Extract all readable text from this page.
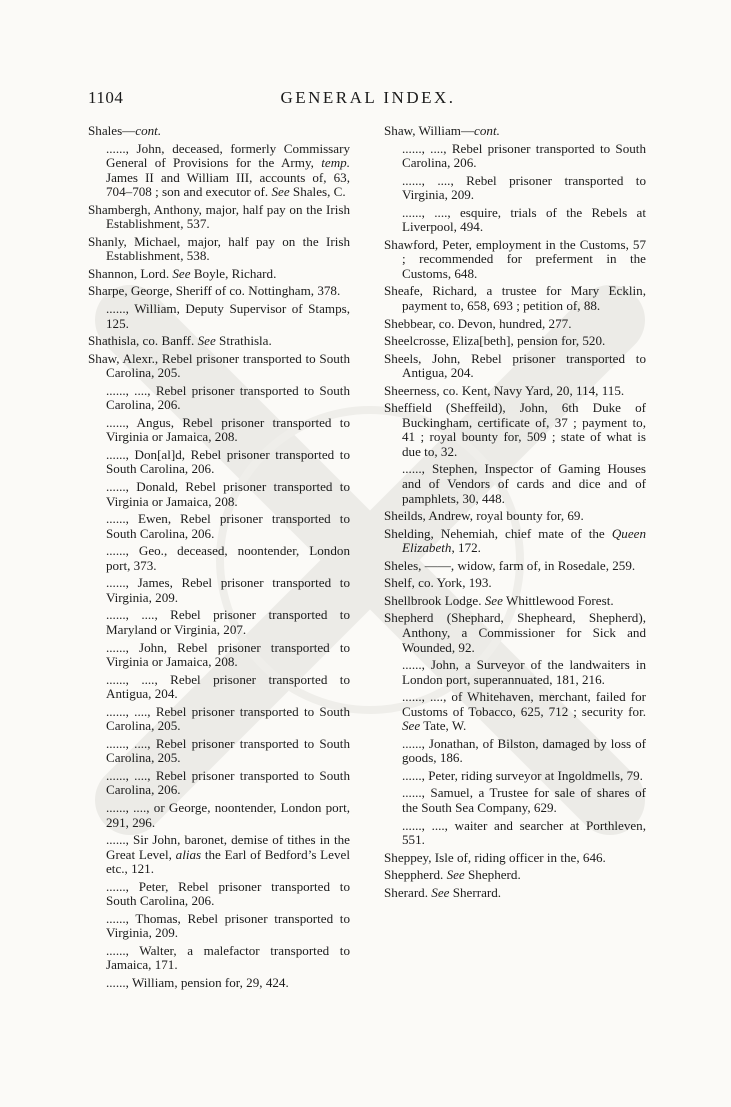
1104	GENERAL INDEX.
Shales—cont.
......, John, deceased, formerly Commissary General of Provisions for the Army, temp. James II and William III, accounts of, 63, 704–708 ; son and executor of. See Shales, C.
Shambergh, Anthony, major, half pay on the Irish Establishment, 537.
Shanly, Michael, major, half pay on the Irish Establishment, 538.
Shannon, Lord. See Boyle, Richard.
Sharpe, George, Sheriff of co. Nottingham, 378.
......, William, Deputy Supervisor of Stamps, 125.
Shathisla, co. Banff. See Strathisla.
Shaw, Alexr., Rebel prisoner transported to South Carolina, 205.
......, ...., Rebel prisoner transported to South Carolina, 206.
......, Angus, Rebel prisoner transported to Virginia or Jamaica, 208.
......, Don[al]d, Rebel prisoner transported to South Carolina, 206.
......, Donald, Rebel prisoner transported to Virginia or Jamaica, 208.
......, Ewen, Rebel prisoner transported to South Carolina, 206.
......, Geo., deceased, noontender, London port, 373.
......, James, Rebel prisoner transported to Virginia, 209.
......, ...., Rebel prisoner transported to Maryland or Virginia, 207.
......, John, Rebel prisoner transported to Virginia or Jamaica, 208.
......, ...., Rebel prisoner transported to Antigua, 204.
......, ...., Rebel prisoner transported to South Carolina, 205.
......, ...., Rebel prisoner transported to South Carolina, 205.
......, ...., Rebel prisoner transported to South Carolina, 206.
......, ...., or George, noontender, London port, 291, 296.
......, Sir John, baronet, demise of tithes in the Great Level, alias the Earl of Bedford’s Level etc., 121.
......, Peter, Rebel prisoner transported to South Carolina, 206.
......, Thomas, Rebel prisoner transported to Virginia, 209.
......, Walter, a malefactor transported to Jamaica, 171.
......, William, pension for, 29, 424.
Shaw, William—cont.
......, ...., Rebel prisoner transported to South Carolina, 206.
......, ...., Rebel prisoner transported to Virginia, 209.
......, ...., esquire, trials of the Rebels at Liverpool, 494.
Shawford, Peter, employment in the Customs, 57 ; recommended for preferment in the Customs, 648.
Sheafe, Richard, a trustee for Mary Ecklin, payment to, 658, 693 ; petition of, 88.
Shebbear, co. Devon, hundred, 277.
Sheelcrosse, Eliza[beth], pension for, 520.
Sheels, John, Rebel prisoner transported to Antigua, 204.
Sheerness, co. Kent, Navy Yard, 20, 114, 115.
Sheffield (Sheffeild), John, 6th Duke of Buckingham, certificate of, 37 ; payment to, 41 ; royal bounty for, 509 ; state of what is due to, 32.
......, Stephen, Inspector of Gaming Houses and of Vendors of cards and dice and of pamphlets, 30, 448.
Sheilds, Andrew, royal bounty for, 69.
Shelding, Nehemiah, chief mate of the Queen Elizabeth, 172.
Sheles, ——, widow, farm of, in Rosedale, 259.
Shelf, co. York, 193.
Shellbrook Lodge. See Whittlewood Forest.
Shepherd (Shephard, Shepheard, Shepherd), Anthony, a Commissioner for Sick and Wounded, 92.
......, John, a Surveyor of the landwaiters in London port, superannuated, 181, 216.
......, ...., of Whitehaven, merchant, failed for Customs of Tobacco, 625, 712 ; security for. See Tate, W.
......, Jonathan, of Bilston, damaged by loss of goods, 186.
......, Peter, riding surveyor at Ingoldmells, 79.
......, Samuel, a Trustee for sale of shares of the South Sea Company, 629.
......, ...., waiter and searcher at Porthleven, 551.
Sheppey, Isle of, riding officer in the, 646.
Sheppherd. See Shepherd.
Sherard. See Sherrard.
